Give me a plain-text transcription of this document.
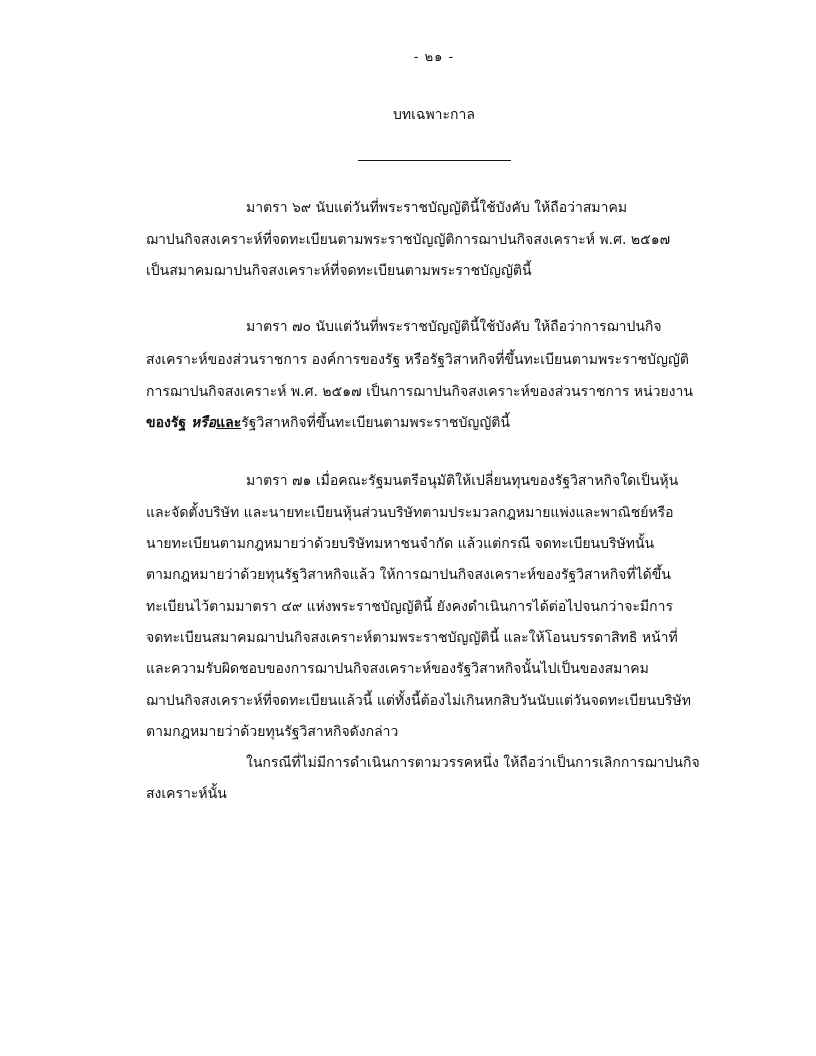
- ๒๑ -
บทเฉพาะกาล
มาตรา ๖๙ นับแต่วันที่พระราชบัญญัตินี้ใช้บังคับ ให้ถือว่าสมาคม
ฌาปนกิจสงเคราะห์ที่จดทะเบียนตามพระราชบัญญัติการฌาปนกิจสงเคราะห์ พ.ศ. ๒๕๑๗
เป็นสมาคมฌาปนกิจสงเคราะห์ที่จดทะเบียนตามพระราชบัญญัตินี้
มาตรา ๗๐ นับแต่วันที่พระราชบัญญัตินี้ใช้บังคับ ให้ถือว่าการฌาปนกิจ
สงเคราะห์ของส่วนราชการ องค์การของรัฐ หรือรัฐวิสาหกิจที่ขึ้นทะเบียนตามพระราชบัญญัติ
การฌาปนกิจสงเคราะห์ พ.ศ. ๒๕๑๗ เป็นการฌาปนกิจสงเคราะห์ของส่วนราชการ หน่วยงาน
ของรัฐ หรือและรัฐวิสาหกิจที่ขึ้นทะเบียนตามพระราชบัญญัตินี้
มาตรา ๗๑ เมื่อคณะรัฐมนตรีอนุมัติให้เปลี่ยนทุนของรัฐวิสาหกิจใดเป็นหุ้น
และจัดตั้งบริษัท และนายทะเบียนหุ้นส่วนบริษัทตามประมวลกฎหมายแพ่งและพาณิชย์หรือ
นายทะเบียนตามกฎหมายว่าด้วยบริษัทมหาชนจำกัด แล้วแต่กรณี จดทะเบียนบริษัทนั้น
ตามกฎหมายว่าด้วยทุนรัฐวิสาหกิจแล้ว ให้การฌาปนกิจสงเคราะห์ของรัฐวิสาหกิจที่ได้ขึ้น
ทะเบียนไว้ตามมาตรา ๔๙ แห่งพระราชบัญญัตินี้ ยังคงดำเนินการได้ต่อไปจนกว่าจะมีการ
จดทะเบียนสมาคมฌาปนกิจสงเคราะห์ตามพระราชบัญญัตินี้ และให้โอนบรรดาสิทธิ หน้าที่
และความรับผิดชอบของการฌาปนกิจสงเคราะห์ของรัฐวิสาหกิจนั้นไปเป็นของสมาคม
ฌาปนกิจสงเคราะห์ที่จดทะเบียนแล้วนี้ แต่ทั้งนี้ต้องไม่เกินหกสิบวันนับแต่วันจดทะเบียนบริษัท
ตามกฎหมายว่าด้วยทุนรัฐวิสาหกิจดังกล่าว
ในกรณีที่ไม่มีการดำเนินการตามวรรคหนึ่ง ให้ถือว่าเป็นการเลิกการฌาปนกิจ
สงเคราะห์นั้น
